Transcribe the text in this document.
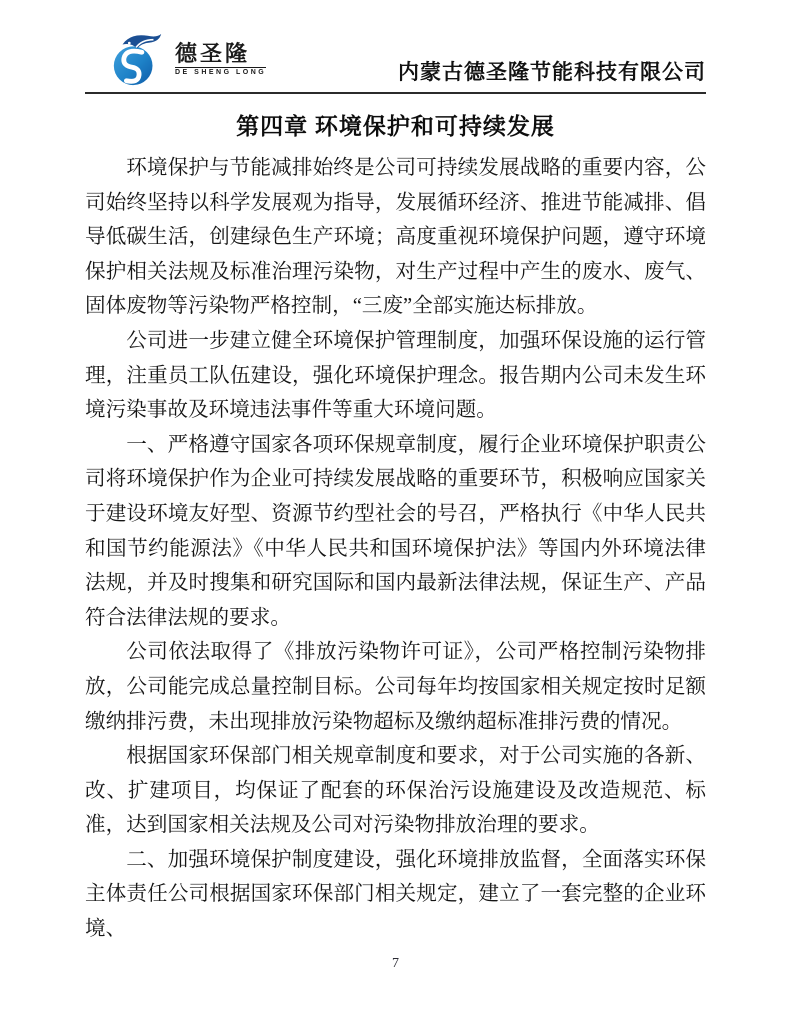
德圣隆
DE SHENG LONG	内蒙古德圣隆节能科技有限公司
第四章 环境保护和可持续发展

环境保护与节能减排始终是公司可持续发展战略的重要内容，公司始终坚持以科学发展观为指导，发展循环经济、推进节能减排、倡导低碳生活，创建绿色生产环境；高度重视环境保护问题，遵守环境保护相关法规及标准治理污染物，对生产过程中产生的废水、废气、固体废物等污染物严格控制，“三废”全部实施达标排放。

公司进一步建立健全环境保护管理制度，加强环保设施的运行管理，注重员工队伍建设，强化环境保护理念。报告期内公司未发生环境污染事故及环境违法事件等重大环境问题。

一、严格遵守国家各项环保规章制度，履行企业环境保护职责公司将环境保护作为企业可持续发展战略的重要环节，积极响应国家关于建设环境友好型、资源节约型社会的号召，严格执行《中华人民共和国节约能源法》《中华人民共和国环境保护法》等国内外环境法律法规，并及时搜集和研究国际和国内最新法律法规，保证生产、产品符合法律法规的要求。

公司依法取得了《排放污染物许可证》，公司严格控制污染物排放，公司能完成总量控制目标。公司每年均按国家相关规定按时足额缴纳排污费，未出现排放污染物超标及缴纳超标准排污费的情况。

根据国家环保部门相关规章制度和要求，对于公司实施的各新、改、扩建项目，均保证了配套的环保治污设施建设及改造规范、标准，达到国家相关法规及公司对污染物排放治理的要求。

二、加强环境保护制度建设，强化环境排放监督，全面落实环保主体责任公司根据国家环保部门相关规定，建立了一套完整的企业环境、

7
